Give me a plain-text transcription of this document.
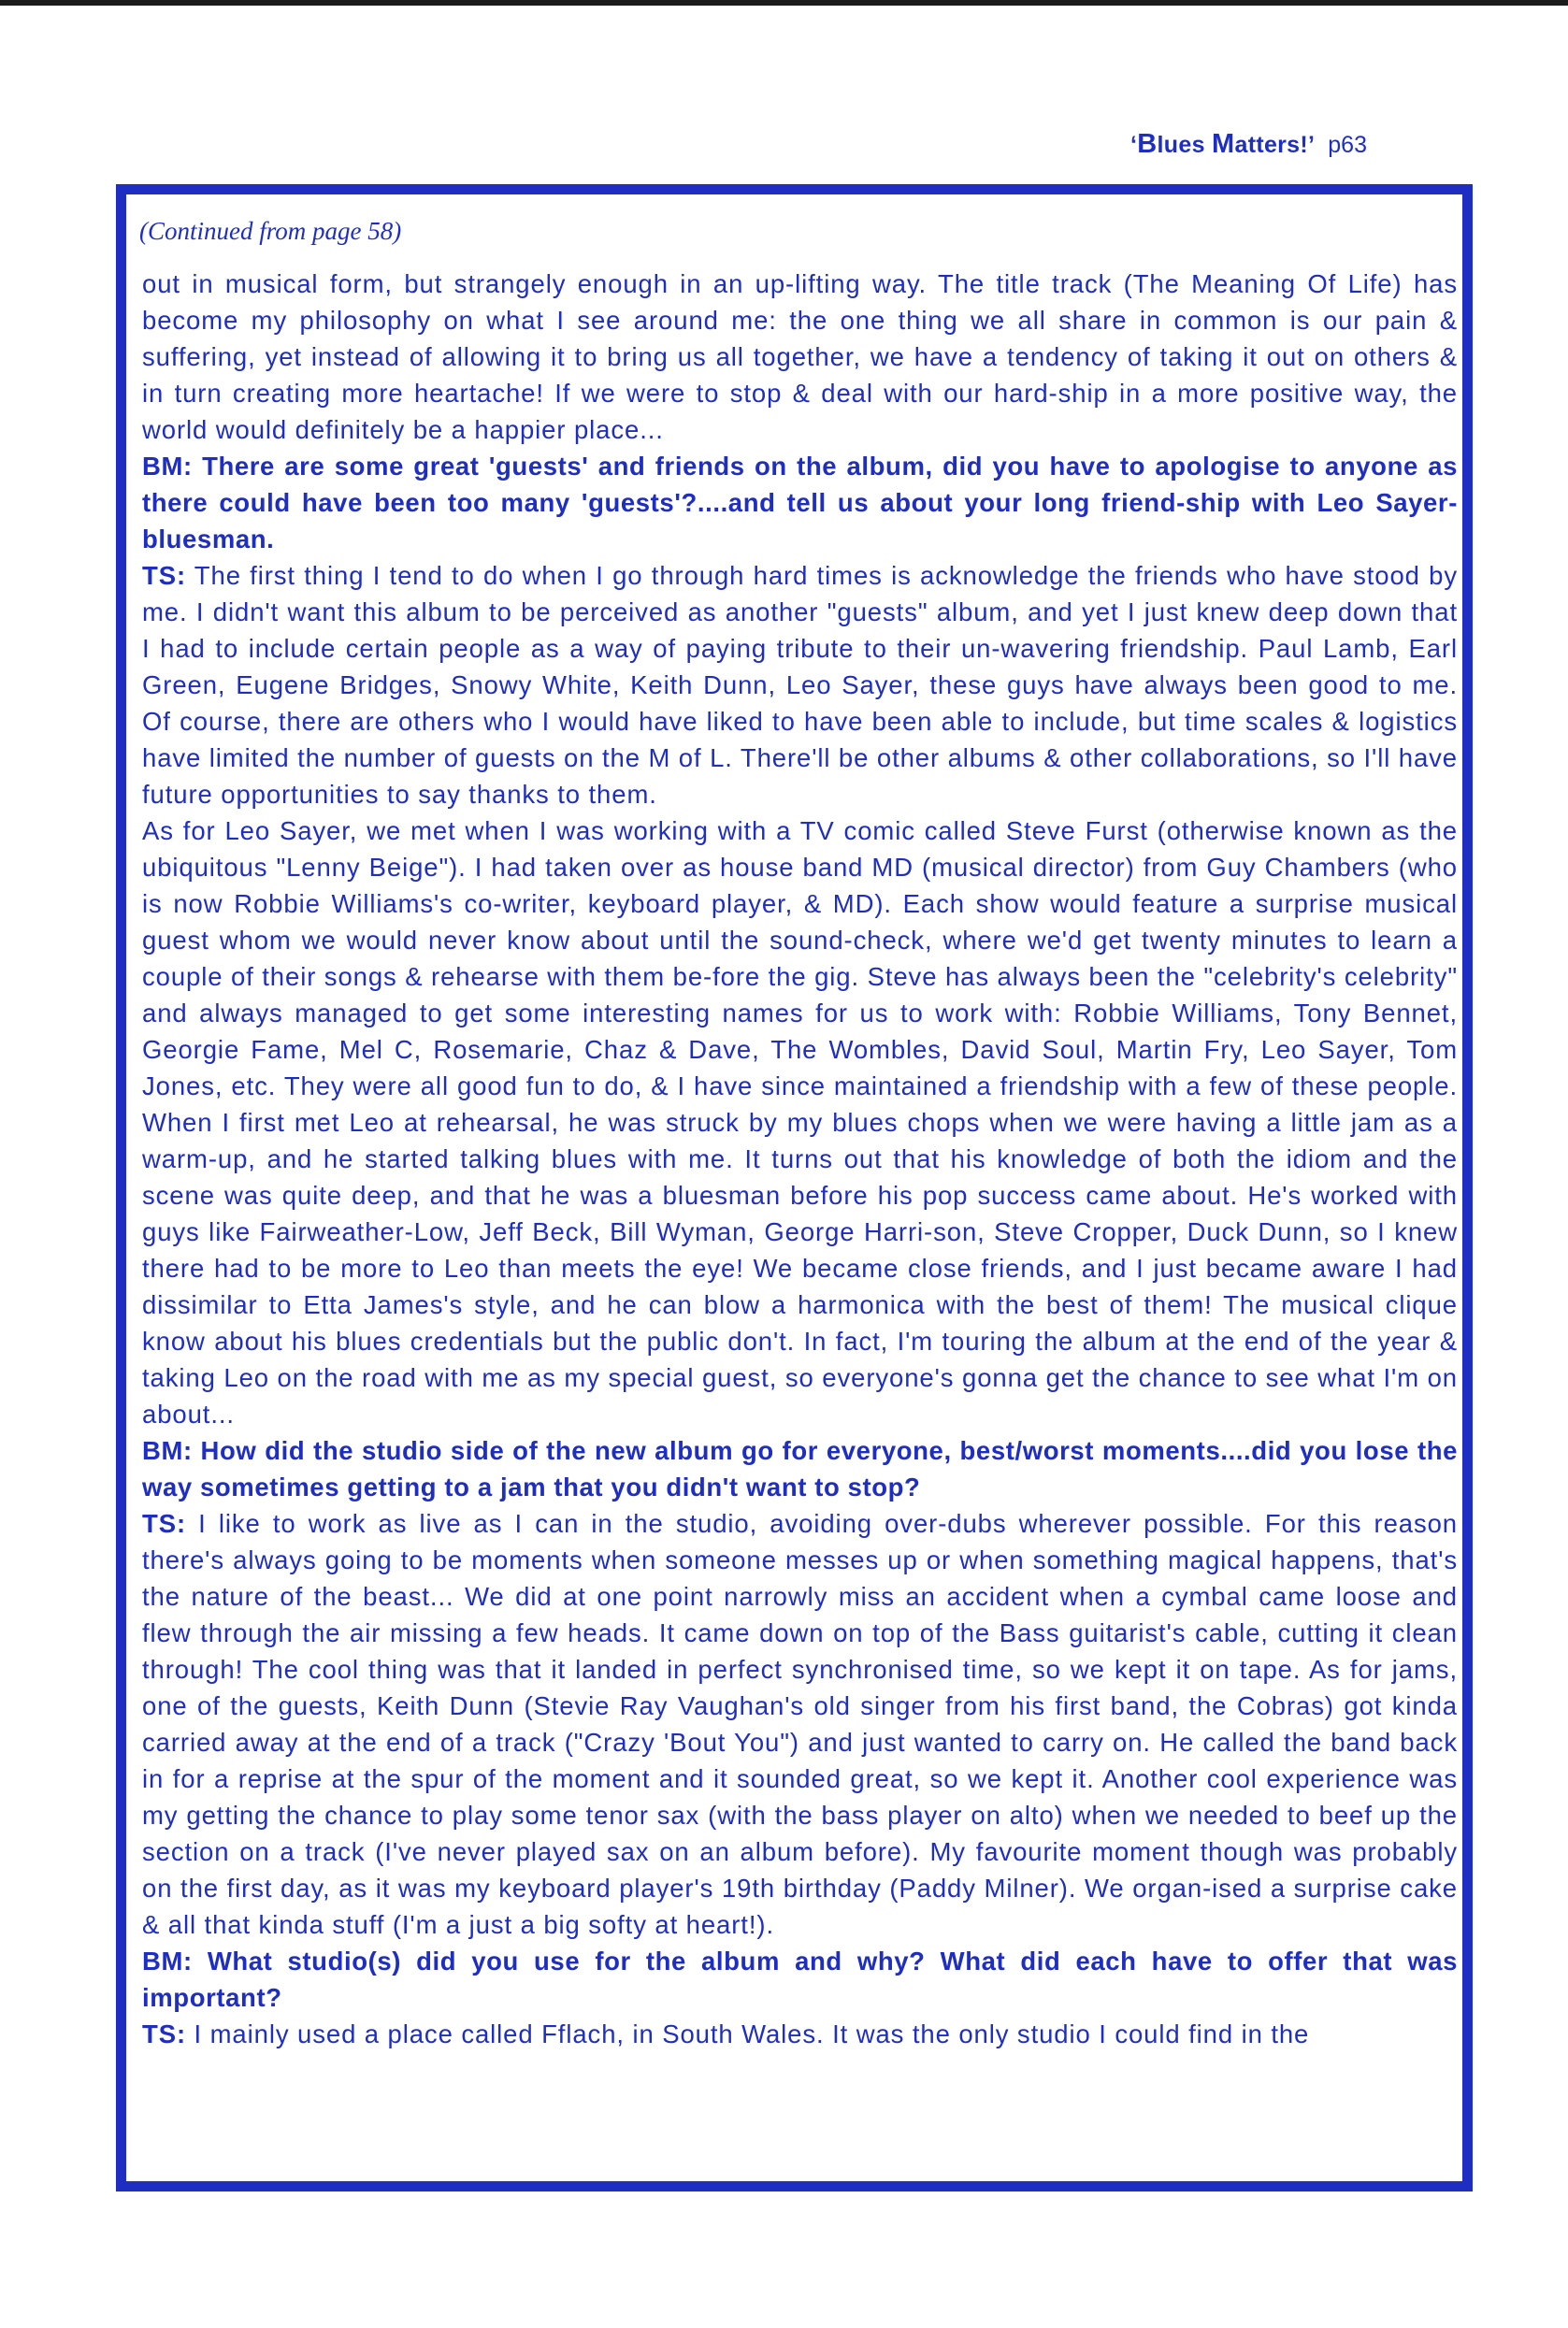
‘Blues Matters!’ p63
(Continued from page 58)

out in musical form, but strangely enough in an up-lifting way. The title track (The Meaning Of Life) has become my philosophy on what I see around me: the one thing we all share in common is our pain & suffering, yet instead of allowing it to bring us all together, we have a tendency of taking it out on others & in turn creating more heartache! If we were to stop & deal with our hard-ship in a more positive way, the world would definitely be a happier place...

BM: There are some great 'guests' and friends on the album, did you have to apologise to anyone as there could have been too many 'guests'?....and tell us about your long friend-ship with Leo Sayer-bluesman.

TS: The first thing I tend to do when I go through hard times is acknowledge the friends who have stood by me. I didn't want this album to be perceived as another "guests" album, and yet I just knew deep down that I had to include certain people as a way of paying tribute to their un-wavering friendship. Paul Lamb, Earl Green, Eugene Bridges, Snowy White, Keith Dunn, Leo Sayer, these guys have always been good to me. Of course, there are others who I would have liked to have been able to include, but time scales & logistics have limited the number of guests on the M of L. There'll be other albums & other collaborations, so I'll have future opportunities to say thanks to them.

As for Leo Sayer, we met when I was working with a TV comic called Steve Furst (otherwise known as the ubiquitous "Lenny Beige"). I had taken over as house band MD (musical director) from Guy Chambers (who is now Robbie Williams's co-writer, keyboard player, & MD). Each show would feature a surprise musical guest whom we would never know about until the sound-check, where we'd get twenty minutes to learn a couple of their songs & rehearse with them be-fore the gig. Steve has always been the "celebrity's celebrity" and always managed to get some interesting names for us to work with: Robbie Williams, Tony Bennet, Georgie Fame, Mel C, Rosemarie, Chaz & Dave, The Wombles, David Soul, Martin Fry, Leo Sayer, Tom Jones, etc. They were all good fun to do, & I have since maintained a friendship with a few of these people. When I first met Leo at rehearsal, he was struck by my blues chops when we were having a little jam as a warm-up, and he started talking blues with me. It turns out that his knowledge of both the idiom and the scene was quite deep, and that he was a bluesman before his pop success came about. He's worked with guys like Fairweather-Low, Jeff Beck, Bill Wyman, George Harri-son, Steve Cropper, Duck Dunn, so I knew there had to be more to Leo than meets the eye! We became close friends, and I just became aware I had dissimilar to Etta James's style, and he can blow a harmonica with the best of them! The musical clique know about his blues credentials but the public don't. In fact, I'm touring the album at the end of the year & taking Leo on the road with me as my special guest, so everyone's gonna get the chance to see what I'm on about...

BM: How did the studio side of the new album go for everyone, best/worst moments....did you lose the way sometimes getting to a jam that you didn't want to stop?

TS: I like to work as live as I can in the studio, avoiding over-dubs wherever possible. For this reason there's always going to be moments when someone messes up or when something magical happens, that's the nature of the beast... We did at one point narrowly miss an accident when a cymbal came loose and flew through the air missing a few heads. It came down on top of the Bass guitarist's cable, cutting it clean through! The cool thing was that it landed in perfect synchronised time, so we kept it on tape. As for jams, one of the guests, Keith Dunn (Stevie Ray Vaughan's old singer from his first band, the Cobras) got kinda carried away at the end of a track ("Crazy 'Bout You") and just wanted to carry on. He called the band back in for a reprise at the spur of the moment and it sounded great, so we kept it. Another cool experience was my getting the chance to play some tenor sax (with the bass player on alto) when we needed to beef up the section on a track (I've never played sax on an album before). My favourite moment though was probably on the first day, as it was my keyboard player's 19th birthday (Paddy Milner). We organ-ised a surprise cake & all that kinda stuff (I'm a just a big softy at heart!).

BM: What studio(s) did you use for the album and why? What did each have to offer that was important?

TS: I mainly used a place called Fflach, in South Wales. It was the only studio I could find in the
